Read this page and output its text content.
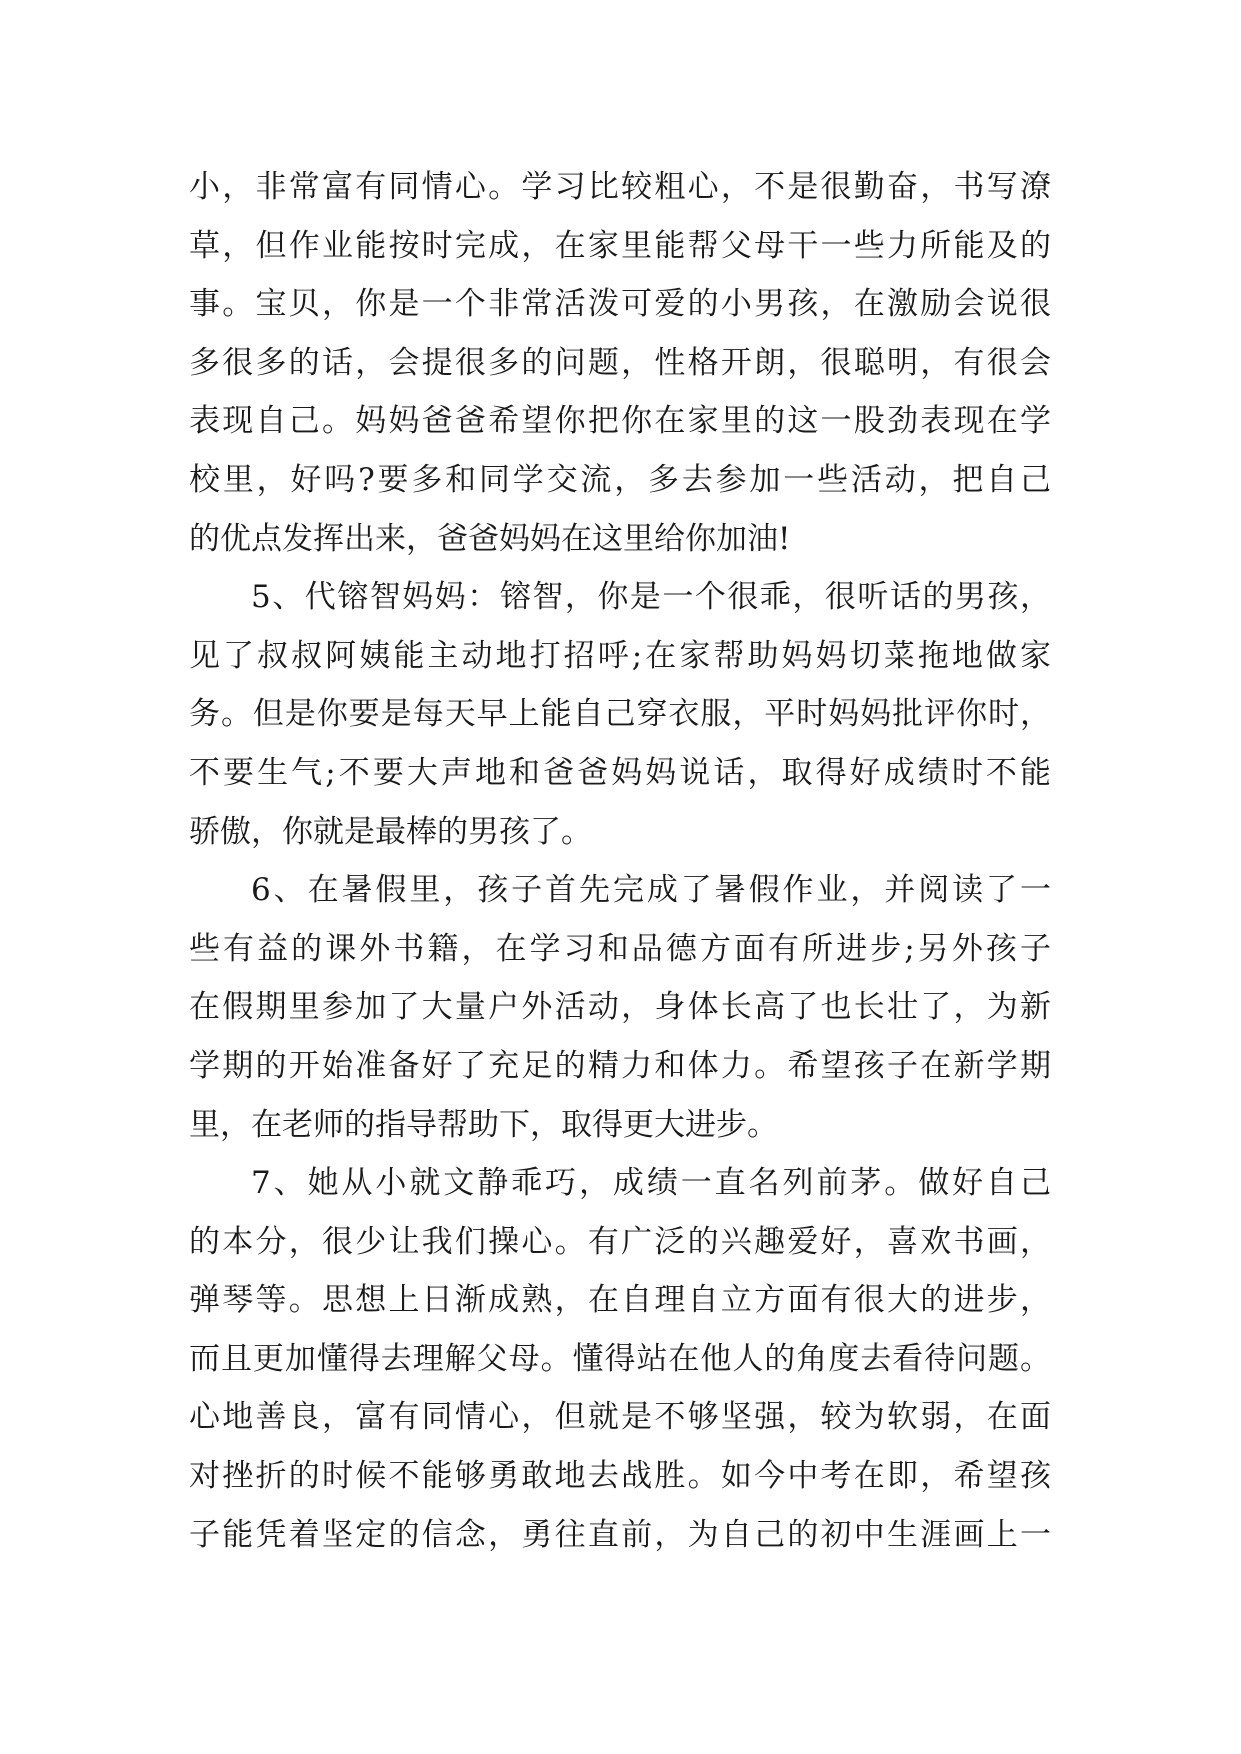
小，非常富有同情心。学习比较粗心，不是很勤奋，书写潦
草，但作业能按时完成，在家里能帮父母干一些力所能及的
事。宝贝，你是一个非常活泼可爱的小男孩，在激励会说很
多很多的话，会提很多的问题，性格开朗，很聪明，有很会
表现自己。妈妈爸爸希望你把你在家里的这一股劲表现在学
校里，好吗?要多和同学交流，多去参加一些活动，把自己
的优点发挥出来，爸爸妈妈在这里给你加油!
5、代镕智妈妈：镕智，你是一个很乖，很听话的男孩，
见了叔叔阿姨能主动地打招呼;在家帮助妈妈切菜拖地做家
务。但是你要是每天早上能自己穿衣服，平时妈妈批评你时，
不要生气;不要大声地和爸爸妈妈说话，取得好成绩时不能
骄傲，你就是最棒的男孩了。
6、在暑假里，孩子首先完成了暑假作业，并阅读了一
些有益的课外书籍，在学习和品德方面有所进步;另外孩子
在假期里参加了大量户外活动，身体长高了也长壮了，为新
学期的开始准备好了充足的精力和体力。希望孩子在新学期
里，在老师的指导帮助下，取得更大进步。
7、她从小就文静乖巧，成绩一直名列前茅。做好自己
的本分，很少让我们操心。有广泛的兴趣爱好，喜欢书画，
弹琴等。思想上日渐成熟，在自理自立方面有很大的进步，
而且更加懂得去理解父母。懂得站在他人的角度去看待问题。
心地善良，富有同情心，但就是不够坚强，较为软弱，在面
对挫折的时候不能够勇敢地去战胜。如今中考在即，希望孩
子能凭着坚定的信念，勇往直前，为自己的初中生涯画上一
